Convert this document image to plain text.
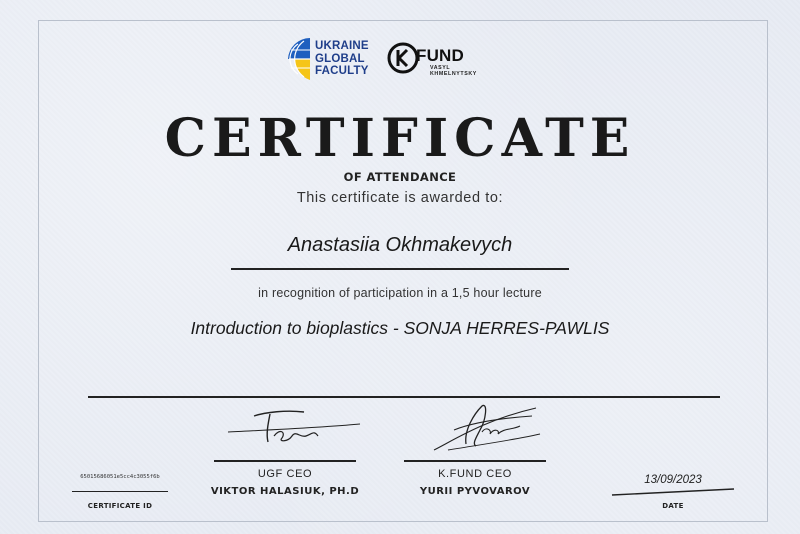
UKRAINE
GLOBAL
FACULTY
FUND
VASYL
KHMELNYTSKY
CERTIFICATE
OF ATTENDANCE
This certificate is awarded to:
Anastasiia Okhmakevych
in recognition of participation in a 1,5 hour lecture
Introduction to bioplastics - SONJA HERRES-PAWLIS
UGF CEO
VIKTOR HALASIUK, PH.D
K.FUND CEO
YURII PYVOVAROV
65015686051e5cc4c3055f6b
CERTIFICATE ID
13/09/2023
DATE
